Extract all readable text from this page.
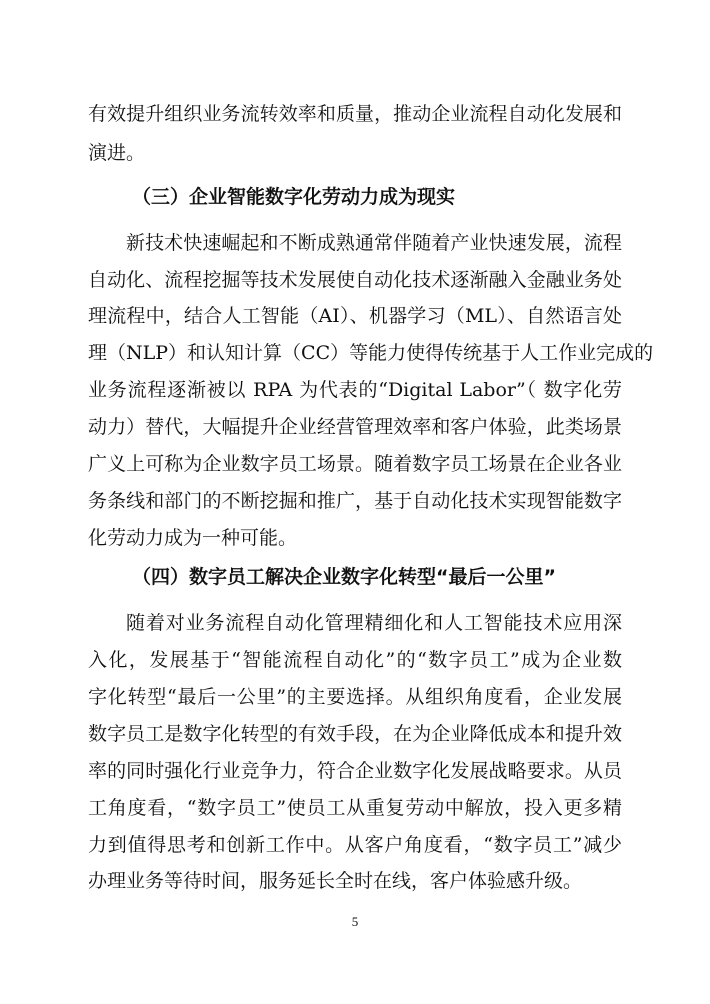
有效提升组织业务流转效率和质量，推动企业流程自动化发展和
演进。
（三）企业智能数字化劳动力成为现实
新技术快速崛起和不断成熟通常伴随着产业快速发展，流程
自动化、流程挖掘等技术发展使自动化技术逐渐融入金融业务处
理流程中，结合人工智能（AI）、机器学习（ML）、自然语言处
理（NLP）和认知计算（CC）等能力使得传统基于人工作业完成的
业务流程逐渐被以 RPA 为代表的“Digital Labor”（ 数字化劳
动力）替代，大幅提升企业经营管理效率和客户体验，此类场景
广义上可称为企业数字员工场景。随着数字员工场景在企业各业
务条线和部门的不断挖掘和推广，基于自动化技术实现智能数字
化劳动力成为一种可能。
（四）数字员工解决企业数字化转型“最后一公里”
随着对业务流程自动化管理精细化和人工智能技术应用深
入化，发展基于“智能流程自动化”的“数字员工”成为企业数
字化转型“最后一公里”的主要选择。从组织角度看，企业发展
数字员工是数字化转型的有效手段，在为企业降低成本和提升效
率的同时强化行业竞争力，符合企业数字化发展战略要求。从员
工角度看，“数字员工”使员工从重复劳动中解放，投入更多精
力到值得思考和创新工作中。从客户角度看，“数字员工”减少
办理业务等待时间，服务延长全时在线，客户体验感升级。
5
